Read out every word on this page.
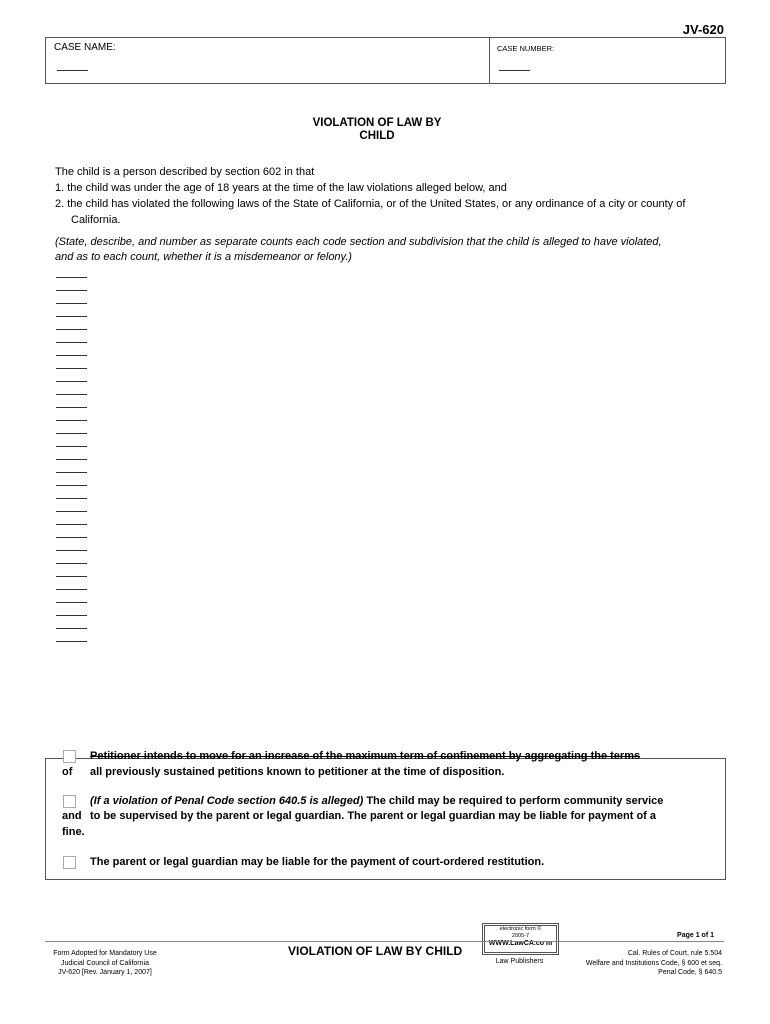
JV-620
CASE NAME:	CASE NUMBER:
VIOLATION OF LAW BY
CHILD
The child is a person described by section 602 in that
1. the child was under the age of 18 years at the time of the law violations alleged below, and
2. the child has violated the following laws of the State of California, or of the United States, or any ordinance of a city or county of
California.
(State, describe, and number as separate counts each code section and subdivision that the child is alleged to have violated,
and as to each count, whether it is a misdemeanor or felony.)
Petitioner intends to move for an increase of the maximum term of confinement by aggregating the terms
of all previously sustained petitions known to petitioner at the time of disposition.
(If a violation of Penal Code section 640.5 is alleged) The child may be required to perform community service
and to be supervised by the parent or legal guardian. The parent or legal guardian may be liable for payment of a
fine.
The parent or legal guardian may be liable for the payment of court-ordered restitution.
Page 1 of 1
electronic form ©
2005-7
WWW.LawCA.co m
Law Publishers
Form Adopted for Mandatory Use
Judicial Council of California
JV-620 [Rev. January 1, 2007]
VIOLATION OF LAW BY CHILD	Cal. Rules of Court, rule 5.504
Welfare and Institutions Code, § 600 et seq.
Penal Code, § 640.5
